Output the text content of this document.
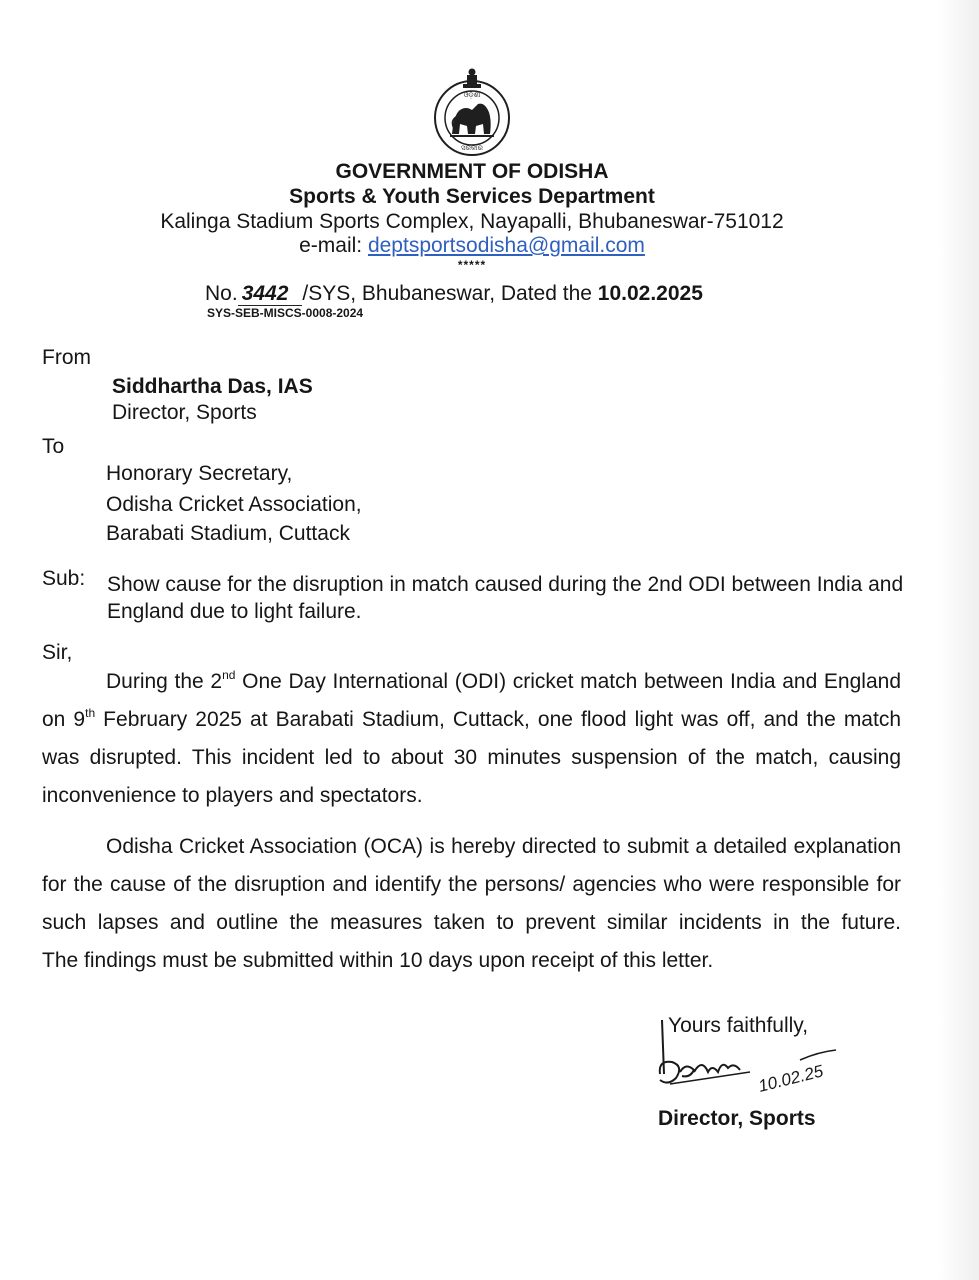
ଓଡ଼ିଶା
ସରକାର
GOVERNMENT OF ODISHA
Sports & Youth Services Department
Kalinga Stadium Sports Complex, Nayapalli, Bhubaneswar-751012
e-mail: deptsportsodisha@gmail.com
*****
No. 3442 /SYS, Bhubaneswar, Dated the 10.02.2025
SYS-SEB-MISCS-0008-2024
From
Siddhartha Das, IAS
Director, Sports
To
Honorary Secretary,
Odisha Cricket Association,
Barabati Stadium, Cuttack
Sub: Show cause for the disruption in match caused during the 2nd ODI between India and
England due to light failure.
Sir,
During the 2nd One Day International (ODI) cricket match between India and England
on 9th February 2025 at Barabati Stadium, Cuttack, one flood light was off, and the match
was disrupted. This incident led to about 30 minutes suspension of the match, causing
inconvenience to players and spectators.
Odisha Cricket Association (OCA) is hereby directed to submit a detailed explanation
for the cause of the disruption and identify the persons/ agencies who were responsible for
such lapses and outline the measures taken to prevent similar incidents in the future.
The findings must be submitted within 10 days upon receipt of this letter.
Yours faithfully,
10.02.25
Director, Sports
